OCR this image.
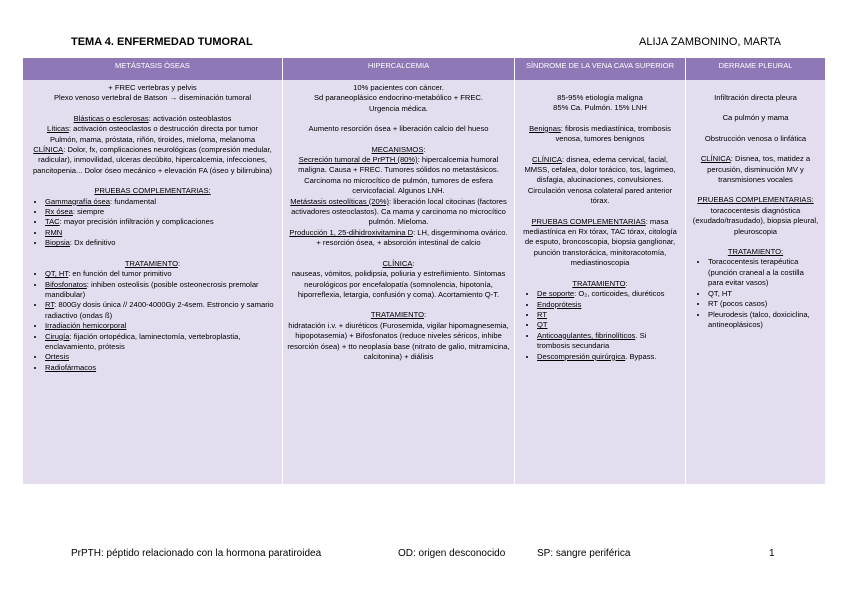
TEMA 4. ENFERMEDAD TUMORAL	ALIJA ZAMBONINO, MARTA
METÁSTASIS ÓSEAS

+ FREC vertebras y pelvis

Plexo venoso vertebral de Batson → diseminación tumoral

Blásticas o esclerosas: activación osteoblastos

Líticas: activación osteoclastos o destrucción directa por tumor

Pulmón, mama, próstata, riñón, tiroides, mieloma, melanoma

CLÍNICA: Dolor, fx, complicaciones neurológicas (compresión medular, radicular), inmovilidad, ulceras decúbito, hipercalcemia, infecciones, pancitopenia... Dolor óseo mecánico + elevación FA (óseo y bilirrubina)

PRUEBAS COMPLEMENTARIAS:

• Gammagrafía ósea: fundamental
• Rx ósea: siempre
• TAC: mayor precisión infiltración y complicaciones
• RMN
• Biopsia: Dx definitivo

TRATAMIENTO:

• QT, HT: en función del tumor primitivo
• Bifosfonatos: inhiben osteolisis (posible osteonecrosis premolar mandibular)
• RT: 800Gy dosis única // 2400-4000Gy 2-4sem. Estroncio y samario radiactivo (ondas ß)
• Irradiación hemicorporal
• Cirugía: fijación ortopédica, laminectomía, vertebroplastia, enclavamiento, prótesis
• Ortesis
• Radiofármacos
HIPERCALCEMIA

10% pacientes con cáncer.

Sd paraneoplásico endocrino-metabólico + FREC.

Urgencia médica.

Aumento resorción ósea + liberación calcio del hueso

MECANISMOS:

Secreción tumoral de PrPTH (80%): hipercalcemia humoral maligna. Causa + FREC. Tumores sólidos no metastásicos. Carcinoma no microcítico de pulmón, tumores de esfera cervicofacial. Algunos LNH.

Metástasis osteolíticas (20%): liberación local citocinas (factores activadores osteoclastos). Ca mama y carcinoma no microcítico pulmón. Mieloma.

Producción 1, 25-dihidroxivitamina D: LH, disgerminoma ovárico. + resorción ósea, + absorción intestinal de calcio

CLÍNICA:

nauseas, vómitos, polidipsia, poliuria y estreñimiento. Síntomas neurológicos por encefalopatía (somnolencia, hipotonía, hiporreflexia, letargia, confusión y coma). Acortamiento Q-T.

TRATAMIENTO:

hidratación i.v. + diuréticos (Furosemida, vigilar hipomagnesemia, hipopotasemia) + Bifosfonatos (reduce niveles séricos, inhibe resorción ósea) + tto neoplasia base (nitrato de galio, mitramicina, calcitonina) + diálisis

SÍNDROME DE LA VENA CAVA SUPERIOR

85-95% etiología maligna

85% Ca. Pulmón. 15% LNH

Benignas: fibrosis mediastínica, trombosis venosa, tumores benignos

CLÍNICA: disnea, edema cervical, facial, MMSS, cefalea, dolor torácico, tos, lagrimeo, disfagia, alucinaciones, convulsiones. Circulación venosa colateral pared anterior tórax.

PRUEBAS COMPLEMENTARIAS: masa mediastínica en Rx tórax, TAC tórax, citología de esputo, broncoscopia, biopsia ganglionar, punción transtorácica, minitoracotomía, mediastinoscopia

TRATAMIENTO:

• De soporte: O₂, corticoides, diuréticos
• Endoprótesis
• RT
• QT
• Anticoagulantes, fibrinolíticos. Si trombosis secundaria
• Descompresión quirúrgica. Bypass.
DERRAME PLEURAL

Infiltración directa pleura

Ca pulmón y mama

Obstrucción venosa o linfática

CLÍNICA: Disnea, tos, matidez a percusión, disminución MV y transmisiones vocales

PRUEBAS COMPLEMENTARIAS:

toracocentesis diagnóstica (exudado/trasudado), biopsia pleural, pleuroscopia

TRATAMIENTO:

• Toracocentesis terapéutica (punción craneal a la costilla para evitar vasos)
• QT, HT
• RT (pocos casos)
• Pleurodesis (talco, doxiciclina, antineoplásicos)
PrPTH: péptido relacionado con la hormona paratiroidea	OD: origen desconocido	SP: sangre periférica	1
